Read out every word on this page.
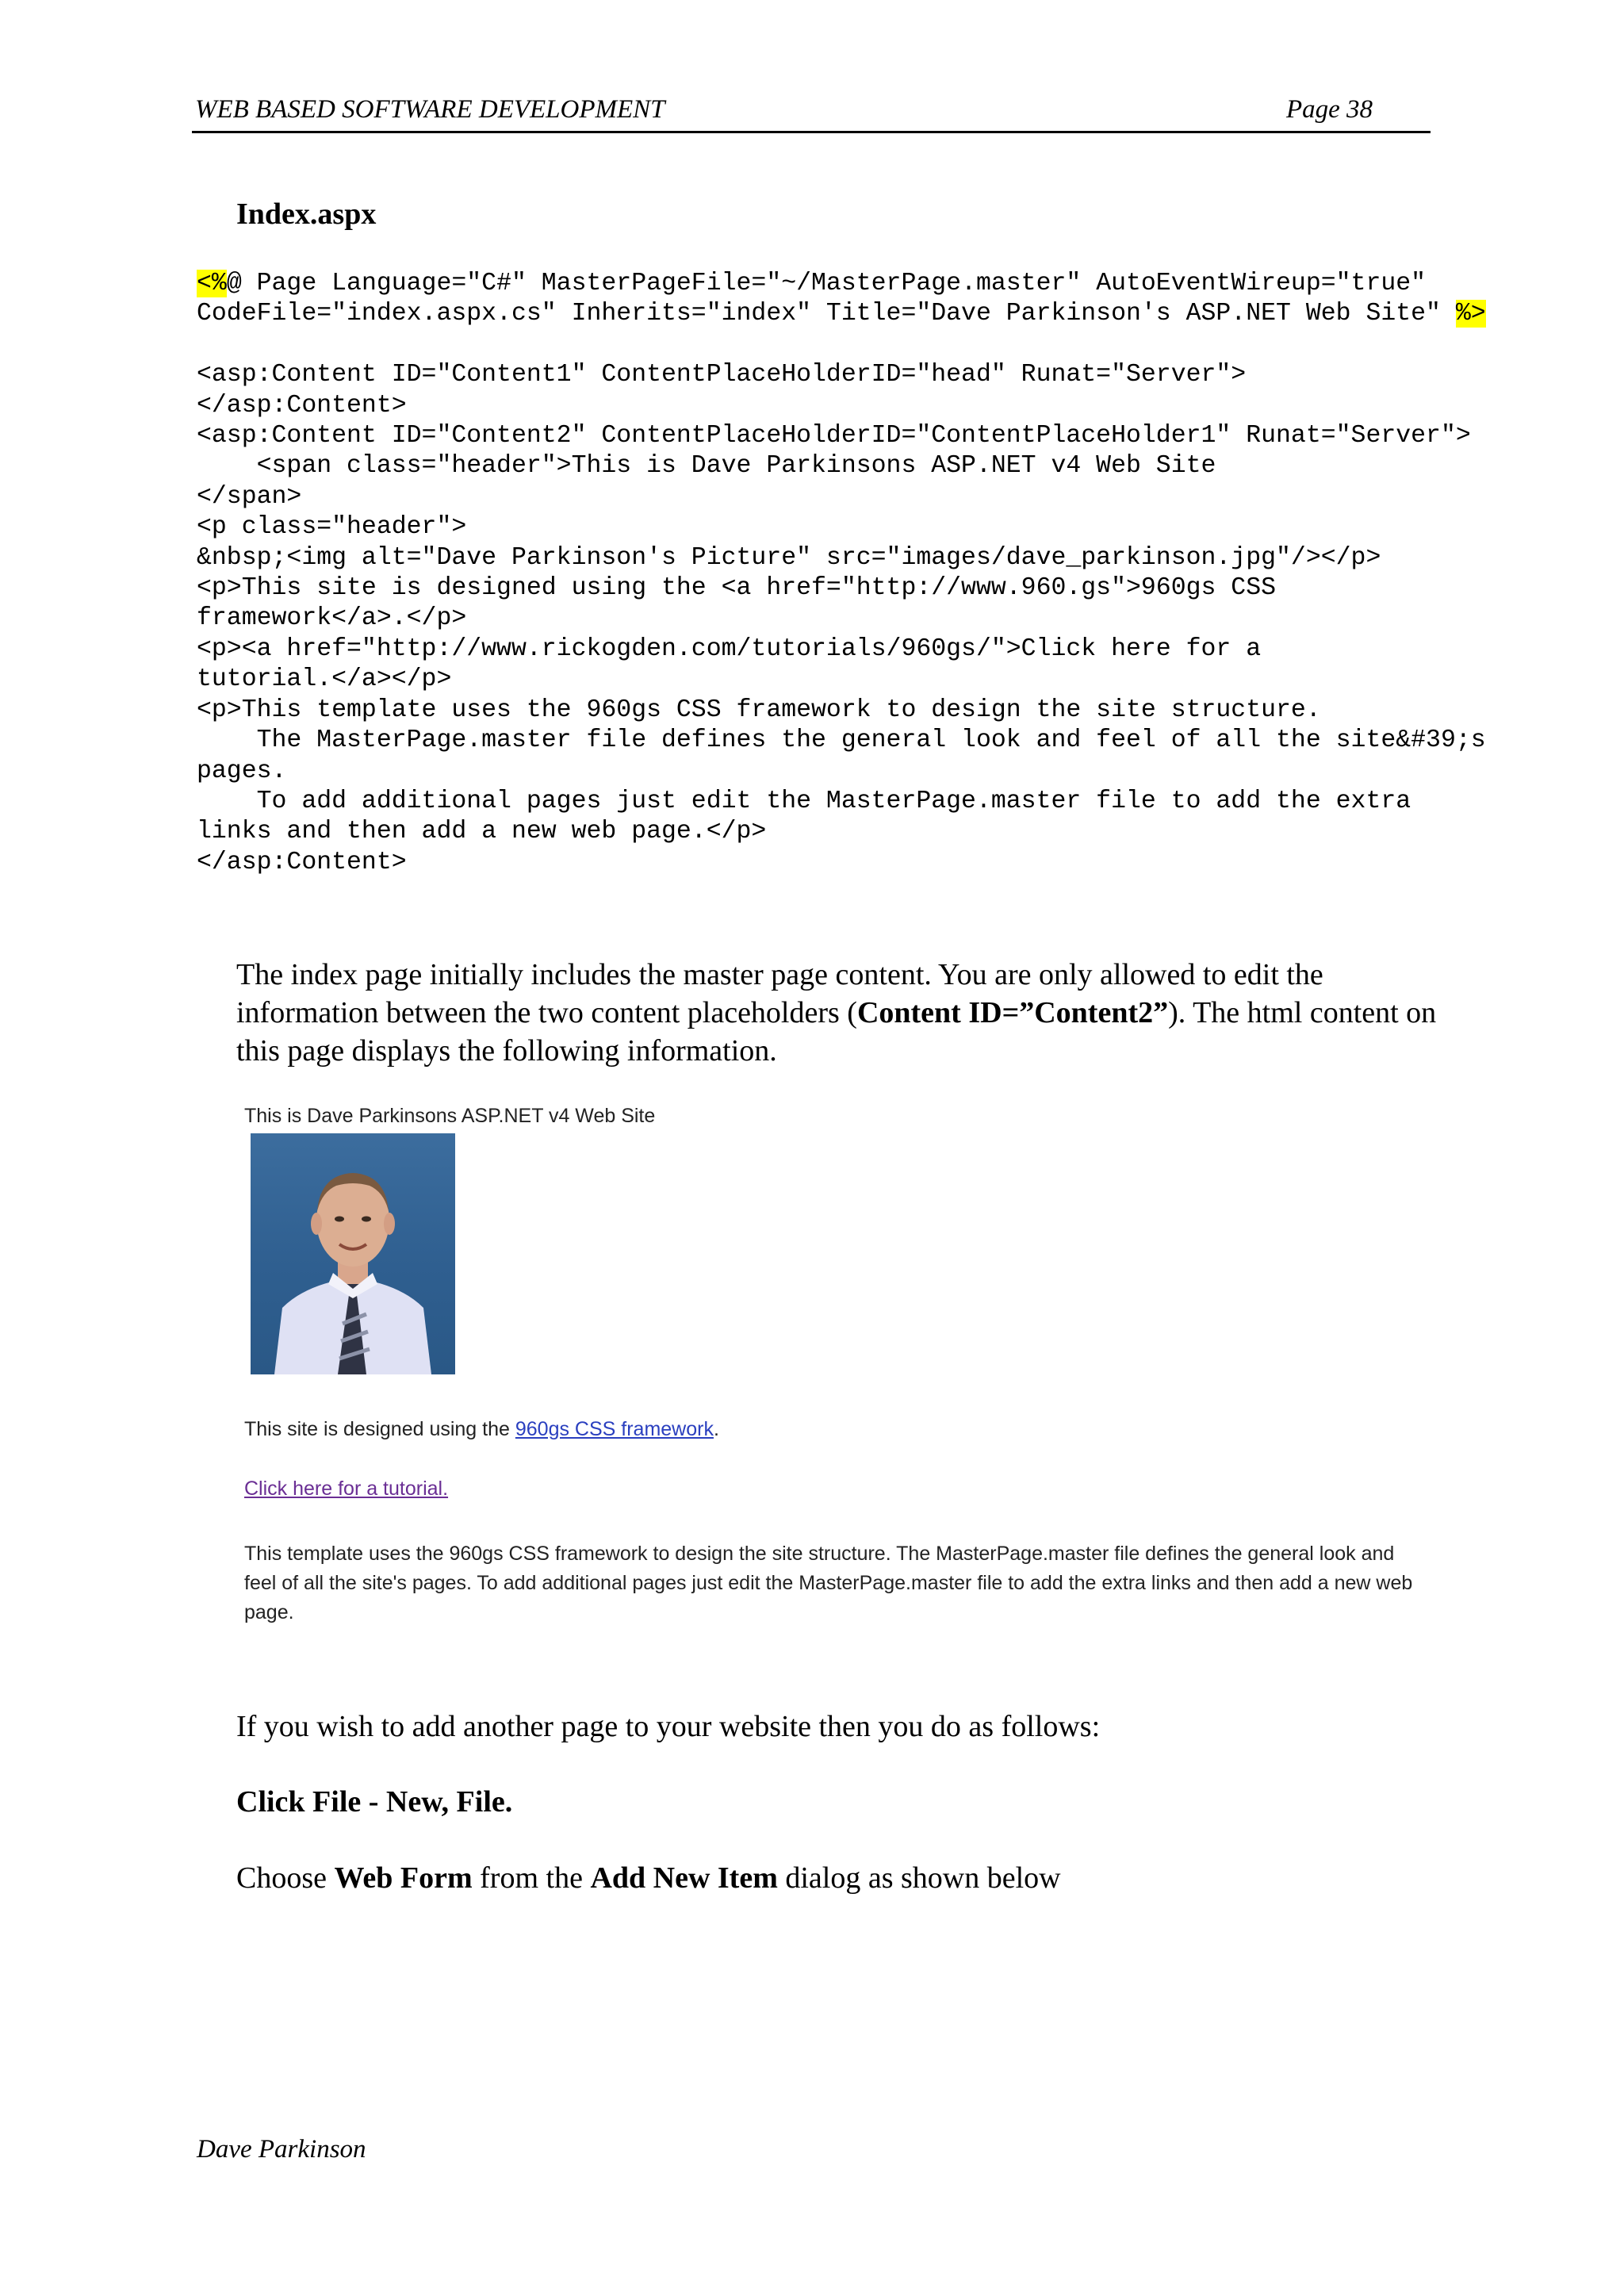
WEB BASED SOFTWARE DEVELOPMENT	Page 38
Index.aspx
<%@ Page Language="C#" MasterPageFile="~/MasterPage.master" AutoEventWireup="true"
CodeFile="index.aspx.cs" Inherits="index" Title="Dave Parkinson's ASP.NET Web Site" %>

<asp:Content ID="Content1" ContentPlaceHolderID="head" Runat="Server">
</asp:Content>
<asp:Content ID="Content2" ContentPlaceHolderID="ContentPlaceHolder1" Runat="Server">
<span class="header">This is Dave Parkinsons ASP.NET v4 Web Site
</span>
<p class="header">
&nbsp;<img alt="Dave Parkinson's Picture" src="images/dave_parkinson.jpg"/></p>
<p>This site is designed using the <a href="http://www.960.gs">960gs CSS
framework</a>.</p>
<p><a href="http://www.rickogden.com/tutorials/960gs/">Click here for a
tutorial.</a></p>
<p>This template uses the 960gs CSS framework to design the site structure.
The MasterPage.master file defines the general look and feel of all the site&#39;s
pages.
To add additional pages just edit the MasterPage.master file to add the extra
links and then add a new web page.</p>
</asp:Content>

The index page initially includes the master page content. You are only allowed to edit the information between the two content placeholders (Content ID=”Content2”). The html content on this page displays the following information.

This is Dave Parkinsons ASP.NET v4 Web Site
This site is designed using the 960gs CSS framework.
Click here for a tutorial.
This template uses the 960gs CSS framework to design the site structure. The MasterPage.master file defines the general look and feel of all the site's pages. To add additional pages just edit the MasterPage.master file to add the extra links and then add a new web page.

If you wish to add another page to your website then you do as follows:

Click File - New, File.

Choose Web Form from the Add New Item dialog as shown below

Dave Parkinson
